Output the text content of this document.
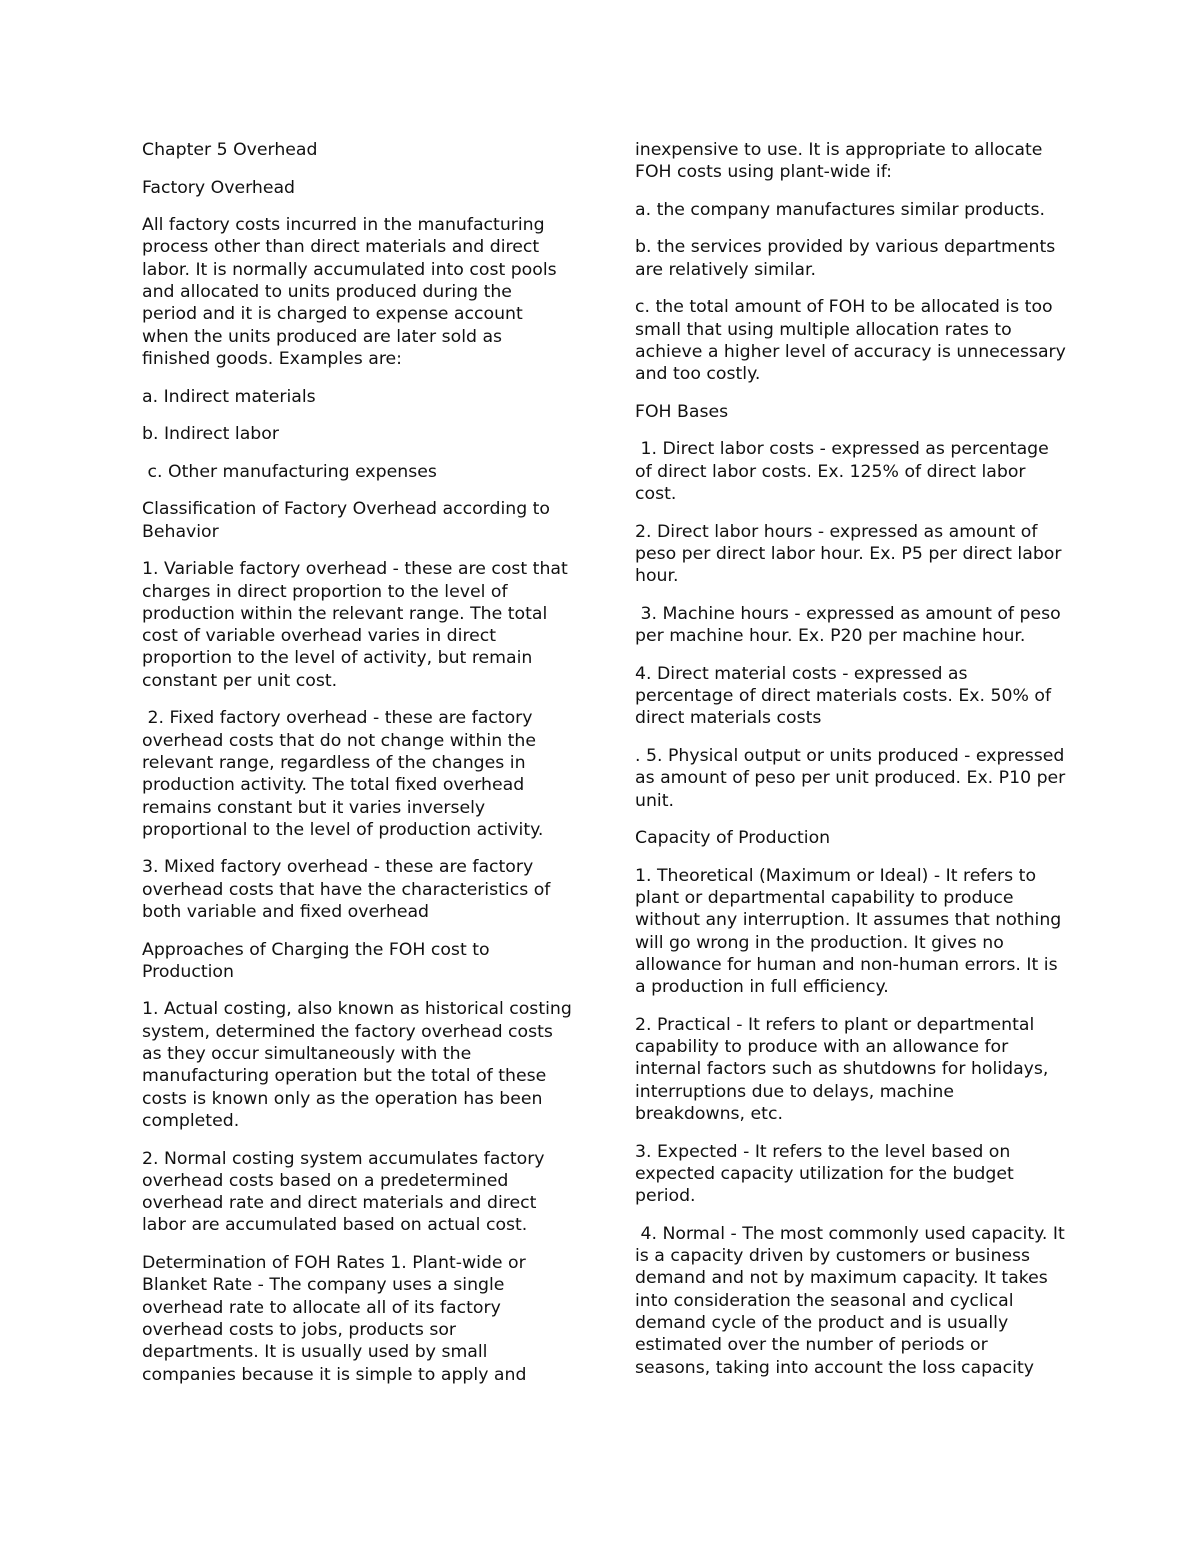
Chapter 5 Overhead

Factory Overhead

All factory costs incurred in the manufacturing process other than direct materials and direct labor. It is normally accumulated into cost pools and allocated to units produced during the period and it is charged to expense account when the units produced are later sold as finished goods. Examples are:

a. Indirect materials

b. Indirect labor

c. Other manufacturing expenses

Classification of Factory Overhead according to Behavior

1. Variable factory overhead - these are cost that charges in direct proportion to the level of production within the relevant range. The total cost of variable overhead varies in direct proportion to the level of activity, but remain constant per unit cost.

2. Fixed factory overhead - these are factory overhead costs that do not change within the relevant range, regardless of the changes in production activity. The total fixed overhead remains constant but it varies inversely proportional to the level of production activity.

3. Mixed factory overhead - these are factory overhead costs that have the characteristics of both variable and fixed overhead

Approaches of Charging the FOH cost to Production

1. Actual costing, also known as historical costing system, determined the factory overhead costs as they occur simultaneously with the manufacturing operation but the total of these costs is known only as the operation has been completed.

2. Normal costing system accumulates factory overhead costs based on a predetermined overhead rate and direct materials and direct labor are accumulated based on actual cost.

Determination of FOH Rates 1. Plant-wide or Blanket Rate - The company uses a single overhead rate to allocate all of its factory overhead costs to jobs, products sor departments. It is usually used by small companies because it is simple to apply and

inexpensive to use. It is appropriate to allocate FOH costs using plant-wide if:

a. the company manufactures similar products.

b. the services provided by various departments are relatively similar.

c. the total amount of FOH to be allocated is too small that using multiple allocation rates to achieve a higher level of accuracy is unnecessary and too costly.

FOH Bases

1. Direct labor costs - expressed as percentage of direct labor costs. Ex. 125% of direct labor cost.

2. Direct labor hours - expressed as amount of peso per direct labor hour. Ex. P5 per direct labor hour.

3. Machine hours - expressed as amount of peso per machine hour. Ex. P20 per machine hour.

4. Direct material costs - expressed as percentage of direct materials costs. Ex. 50% of direct materials costs

. 5. Physical output or units produced - expressed as amount of peso per unit produced. Ex. P10 per unit.

Capacity of Production

1. Theoretical (Maximum or Ideal) - It refers to plant or departmental capability to produce without any interruption. It assumes that nothing will go wrong in the production. It gives no allowance for human and non-human errors. It is a production in full efficiency.

2. Practical - It refers to plant or departmental capability to produce with an allowance for internal factors such as shutdowns for holidays, interruptions due to delays, machine breakdowns, etc.

3. Expected - It refers to the level based on expected capacity utilization for the budget period.

4. Normal - The most commonly used capacity. It is a capacity driven by customers or business demand and not by maximum capacity. It takes into consideration the seasonal and cyclical demand cycle of the product and is usually estimated over the number of periods or seasons, taking into account the loss capacity
